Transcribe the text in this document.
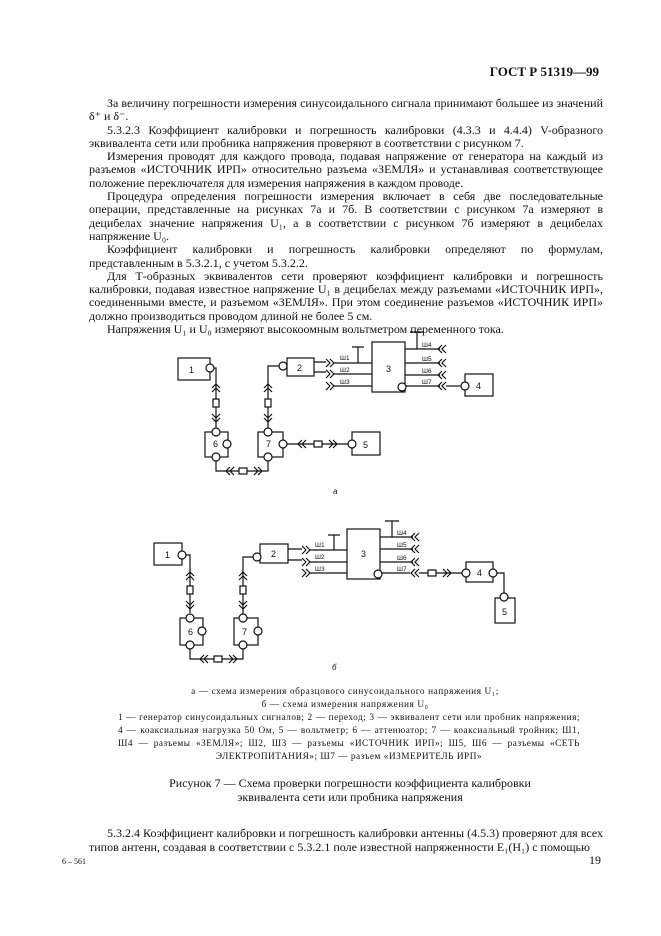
ГОСТ Р 51319—99

За величину погрешности измерения синусоидального сигнала принимают большее из значений δ⁺ и δ⁻.

5.3.2.3 Коэффициент калибровки и погрешность калибровки (4.3.3 и 4.4.4) V-образного эквивалента сети или пробника напряжения проверяют в соответствии с рисунком 7.

Измерения проводят для каждого провода, подавая напряжение от генератора на каждый из разъемов «ИСТОЧНИК ИРП» относительно разъема «ЗЕМЛЯ» и устанавливая соответствующее положение переключателя для измерения напряжения в каждом проводе.

Процедура определения погрешности измерения включает в себя две последовательные операции, представленные на рисунках 7а и 7б. В соответствии с рисунком 7а измеряют в децибелах значение напряжения U₁, а в соответствии с рисунком 7б измеряют в децибелах напряжение U₀.

Коэффициент калибровки и погрешность калибровки определяют по формулам, представленным в 5.3.2.1, с учетом 5.3.2.2.

Для Т-образных эквивалентов сети проверяют коэффициент калибровки и погрешность калибровки, подавая известное напряжение U₁ в децибелах между разъемами «ИСТОЧНИК ИРП», соединенными вместе, и разъемом «ЗЕМЛЯ». При этом соединение разъемов «ИСТОЧНИК ИРП» должно производиться проводом длиной не более 5 см.

Напряжения U₁ и U₀ измеряют высокоомным вольтметром переменного тока.

1	2	3
4
5
6	7
Ш1
Ш2
Ш3
Ш4
Ш5
Ш6
Ш7
а
1	2	3
4
5
6	7
Ш1
Ш2
Ш3
Ш4
Ш5
Ш6
Ш7
б
а — схема измерения образцового синусоидального напряжения U₁;
б — схема измерения напряжения U₀
1 — генератор синусоидальных сигналов; 2 — переход; 3 — эквивалент сети или пробник напряжения; 4 — коаксиальная нагрузка 50 Ом, 5 — вольтметр; 6 — аттенюатор; 7 — коаксиальный тройник; Ш1, Ш4 — разъемы «ЗЕМЛЯ»; Ш2, Ш3 — разъемы «ИСТОЧНИК ИРП»; Ш5, Ш6 — разъемы «СЕТЬ ЭЛЕКТРОПИТАНИЯ»; Ш7 — разъем «ИЗМЕРИТЕЛЬ ИРП»
Рисунок 7 — Схема проверки погрешности коэффициента калибровки эквивалента сети или пробника напряжения
5.3.2.4 Коэффициент калибровки и погрешность калибровки антенны (4.5.3) проверяют для всех типов антенн, создавая в соответствии с 5.3.2.1 поле известной напряженности E₁(H₁) с помощью
6 – 561	19
